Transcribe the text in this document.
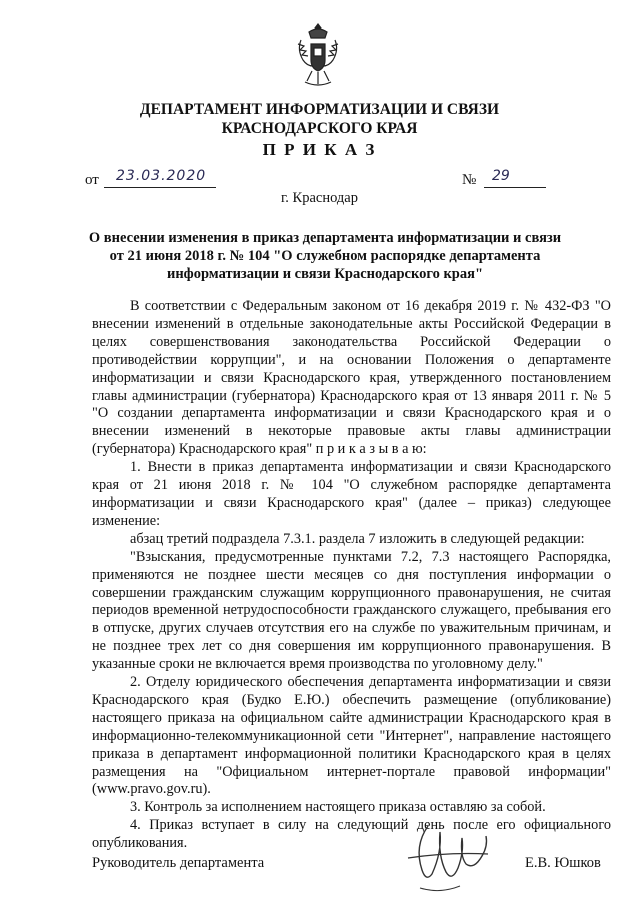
ДЕПАРТАМЕНТ ИНФОРМАТИЗАЦИИ И СВЯЗИ
КРАСНОДАРСКОГО КРАЯ
П Р И К А З
от 23.03.2020	№ 29
г. Краснодар
О внесении изменения в приказ департамента информатизации и связи
от 21 июня 2018 г. № 104 "О служебном распорядке департамента
информатизации и связи Краснодарского края"

В соответствии с Федеральным законом от 16 декабря 2019 г. № 432-ФЗ "О внесении изменений в отдельные законодательные акты Российской Федерации в целях совершенствования законодательства Российской Федерации о противодействии коррупции", и на основании Положения о департаменте информатизации и связи Краснодарского края, утвержденного постановлением главы администрации (губернатора) Краснодарского края от 13 января 2011 г. № 5 "О создании департамента информатизации и связи Краснодарского края и о внесении изменений в некоторые правовые акты главы администрации (губернатора) Краснодарского края" п р и к а з ы в а ю:

1. Внести в приказ департамента информатизации и связи Краснодарского края от 21 июня 2018 г. № 104 "О служебном распорядке департамента информатизации и связи Краснодарского края" (далее – приказ) следующее изменение:

абзац третий подраздела 7.3.1. раздела 7 изложить в следующей редакции:

"Взыскания, предусмотренные пунктами 7.2, 7.3 настоящего Распорядка, применяются не позднее шести месяцев со дня поступления информации о совершении гражданским служащим коррупционного правонарушения, не считая периодов временной нетрудоспособности гражданского служащего, пребывания его в отпуске, других случаев отсутствия его на службе по уважительным причинам, и не позднее трех лет со дня совершения им коррупционного правонарушения. В указанные сроки не включается время производства по уголовному делу."

2. Отделу юридического обеспечения департамента информатизации и связи Краснодарского края (Будко Е.Ю.) обеспечить размещение (опубликование) настоящего приказа на официальном сайте администрации Краснодарского края в информационно-телекоммуникационной сети "Интернет", направление настоящего приказа в департамент информационной политики Краснодарского края в целях размещения на "Официальном интернет-портале правовой информации" (www.pravo.gov.ru).

3. Контроль за исполнением настоящего приказа оставляю за собой.

4. Приказ вступает в силу на следующий день после его официального опубликования.

Руководитель департамента	Е.В. Юшков
